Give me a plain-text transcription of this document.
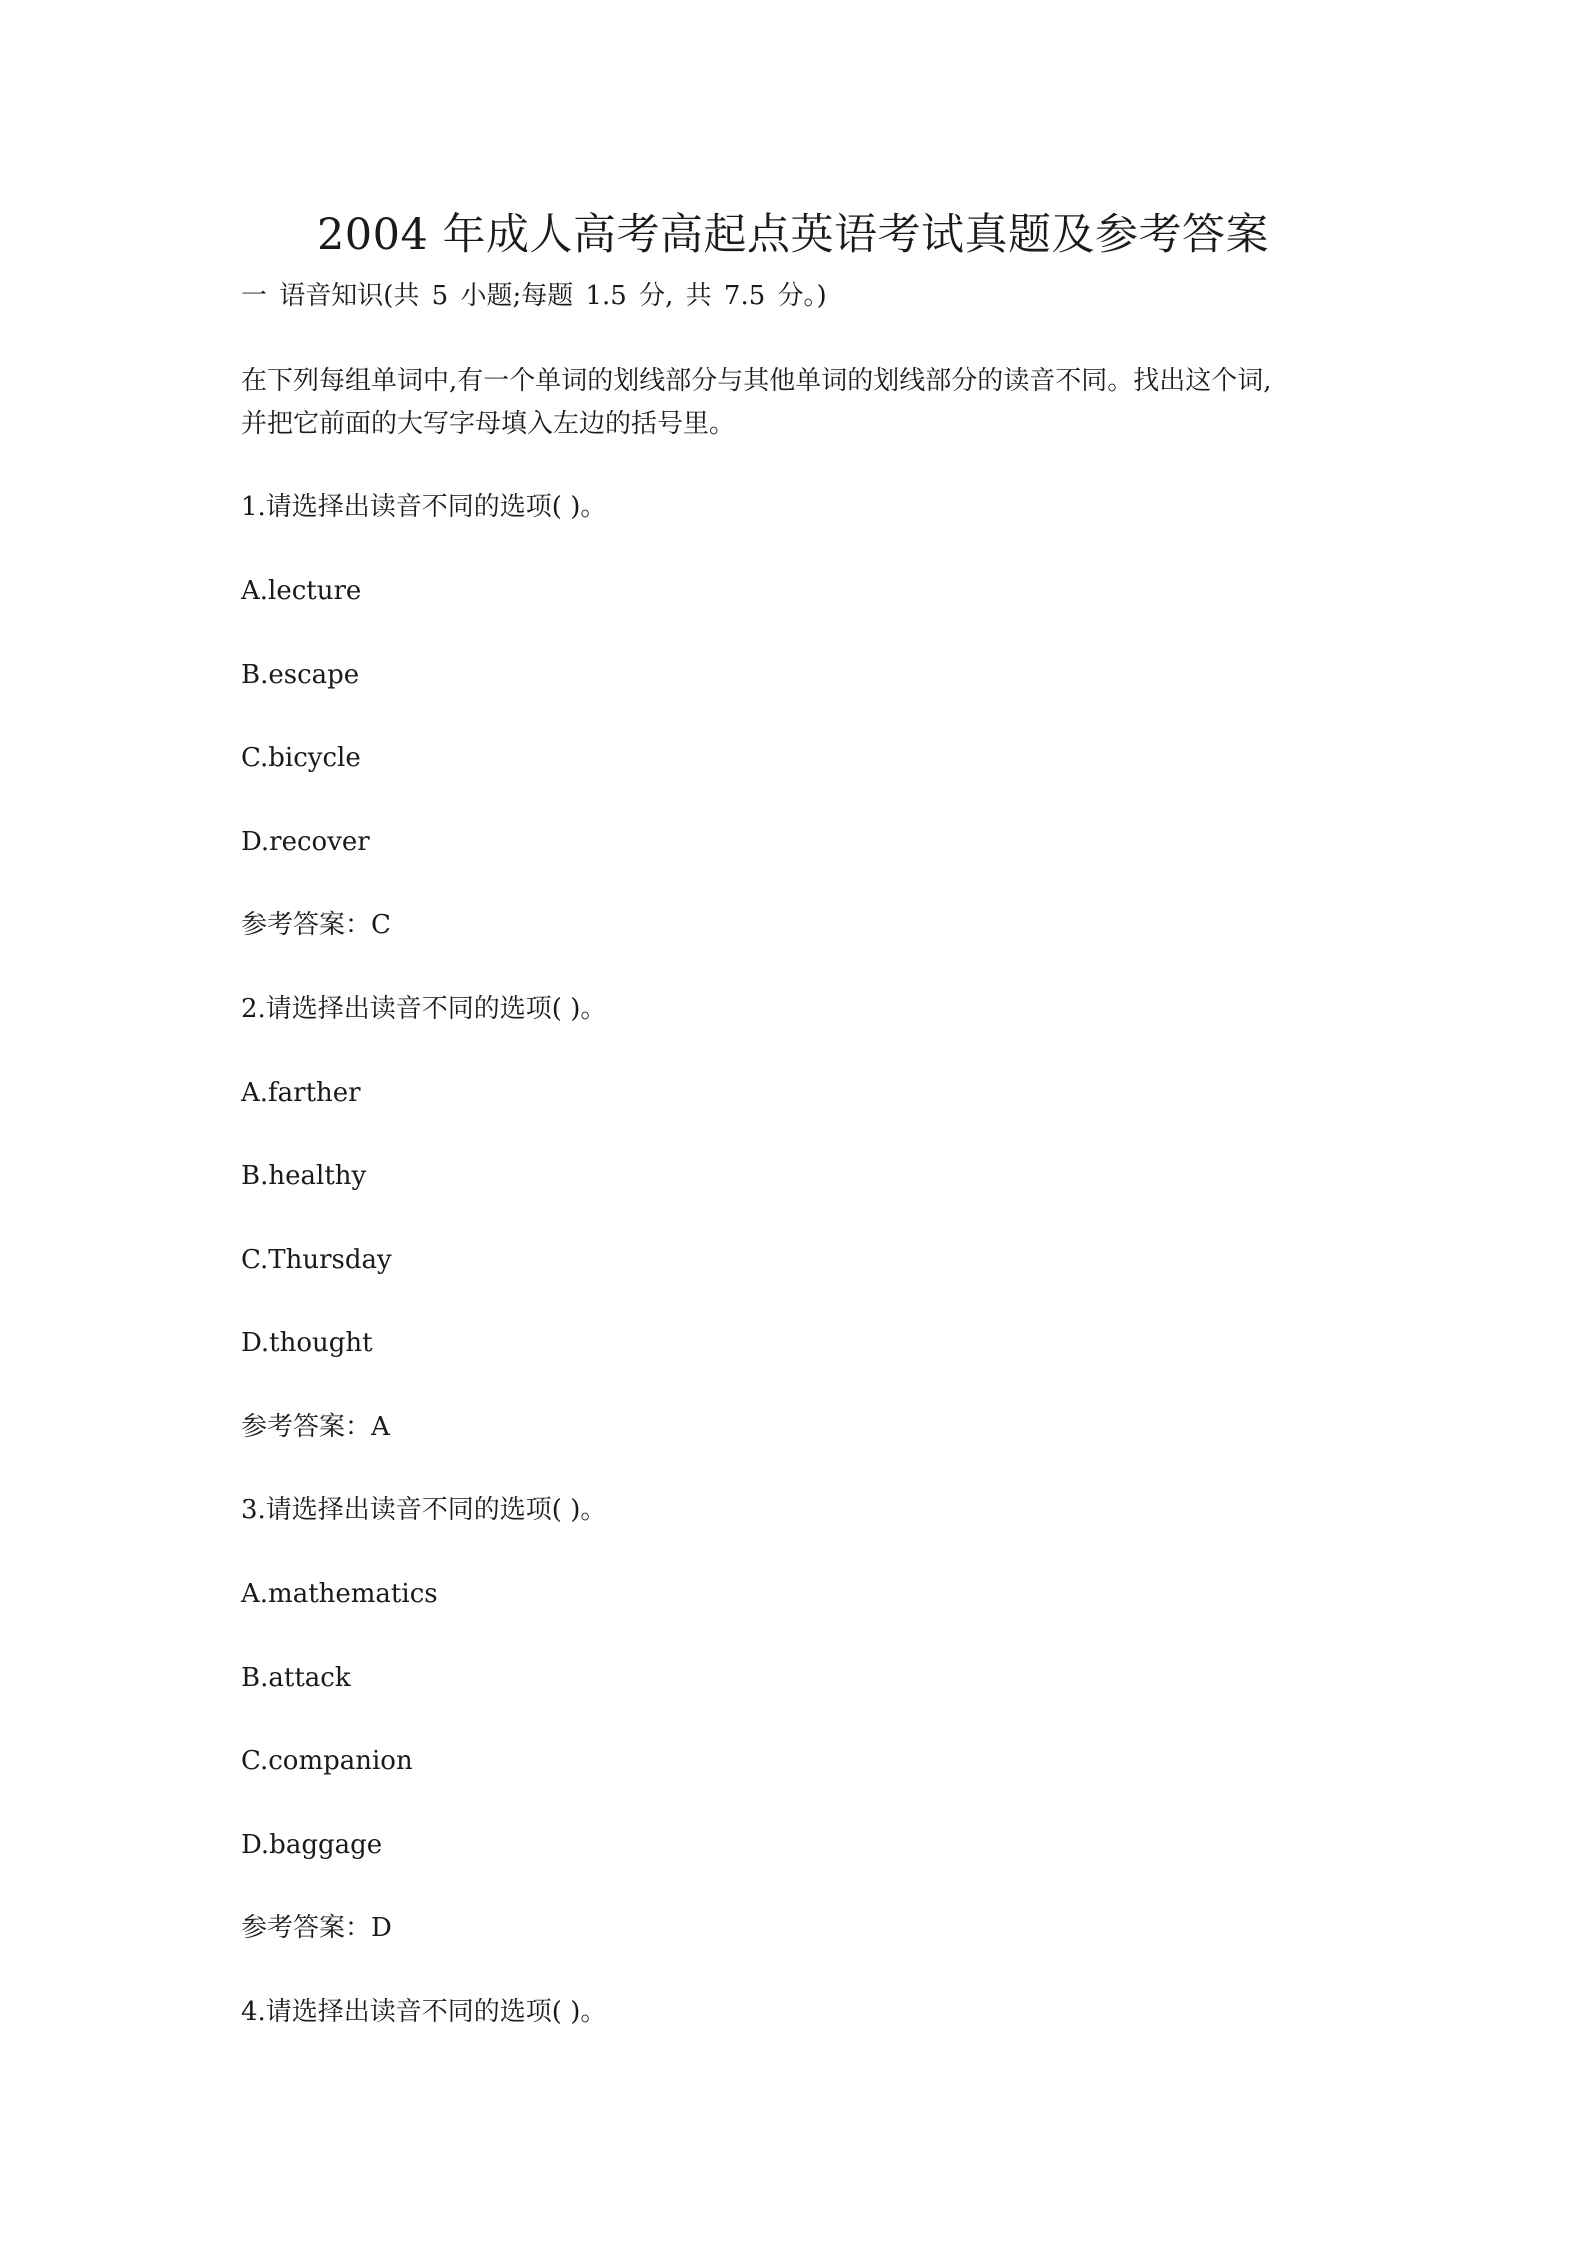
2004 年成人高考高起点英语考试真题及参考答案
一 语音知识(共 5 小题;每题 1.5 分, 共 7.5 分。)
在下列每组单词中,有一个单词的划线部分与其他单词的划线部分的读音不同。找出这个词,
并把它前面的大写字母填入左边的括号里。
1.请选择出读音不同的选项( )。
A.lecture
B.escape
C.bicycle
D.recover
参考答案：C
2.请选择出读音不同的选项( )。
A.farther
B.healthy
C.Thursday
D.thought
参考答案：A
3.请选择出读音不同的选项( )。
A.mathematics
B.attack
C.companion
D.baggage
参考答案：D
4.请选择出读音不同的选项( )。
